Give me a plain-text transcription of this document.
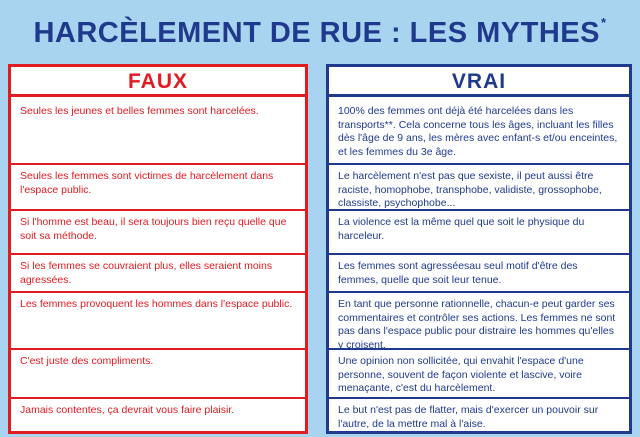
HARCÈLEMENT DE RUE : LES MYTHES*
FAUX
Seules les jeunes et belles femmes sont harcelées.
Seules les femmes sont victimes de harcèlement dans l'espace public.
Si l'homme est beau, il sera toujours bien reçu quelle que soit sa méthode.
Si les femmes se couvraient plus, elles seraient moins agressées.
Les femmes provoquent les hommes dans l'espace public.
C'est juste des compliments.
Jamais contentes, ça devrait vous faire plaisir.
VRAI
100% des femmes ont déjà été harcelées dans les transports**. Cela concerne tous les âges, incluant les filles dès l'âge de 9 ans, les mères avec enfant-s et/ou enceintes, et les femmes du 3e âge.
Le harcèlement n'est pas que sexiste, il peut aussi être raciste, homophobe, transphobe, validiste, grossophobe, classiste, psychophobe...
La violence est la même quel que soit le physique du harceleur.
Les femmes sont agresséesau seul motif d'être des femmes, quelle que soit leur tenue.
En tant que personne rationnelle, chacun-e peut garder ses commentaires et contrôler ses actions. Les femmes ne sont pas dans l'espace public pour distraire les hommes qu'elles y croisent.
Une opinion non sollicitée, qui envahit l'espace d'une personne, souvent de façon violente et lascive, voire menaçante, c'est du harcèlement.
Le but n'est pas de flatter, mais d'exercer un pouvoir sur l'autre, de la mettre mal à l'aise.
